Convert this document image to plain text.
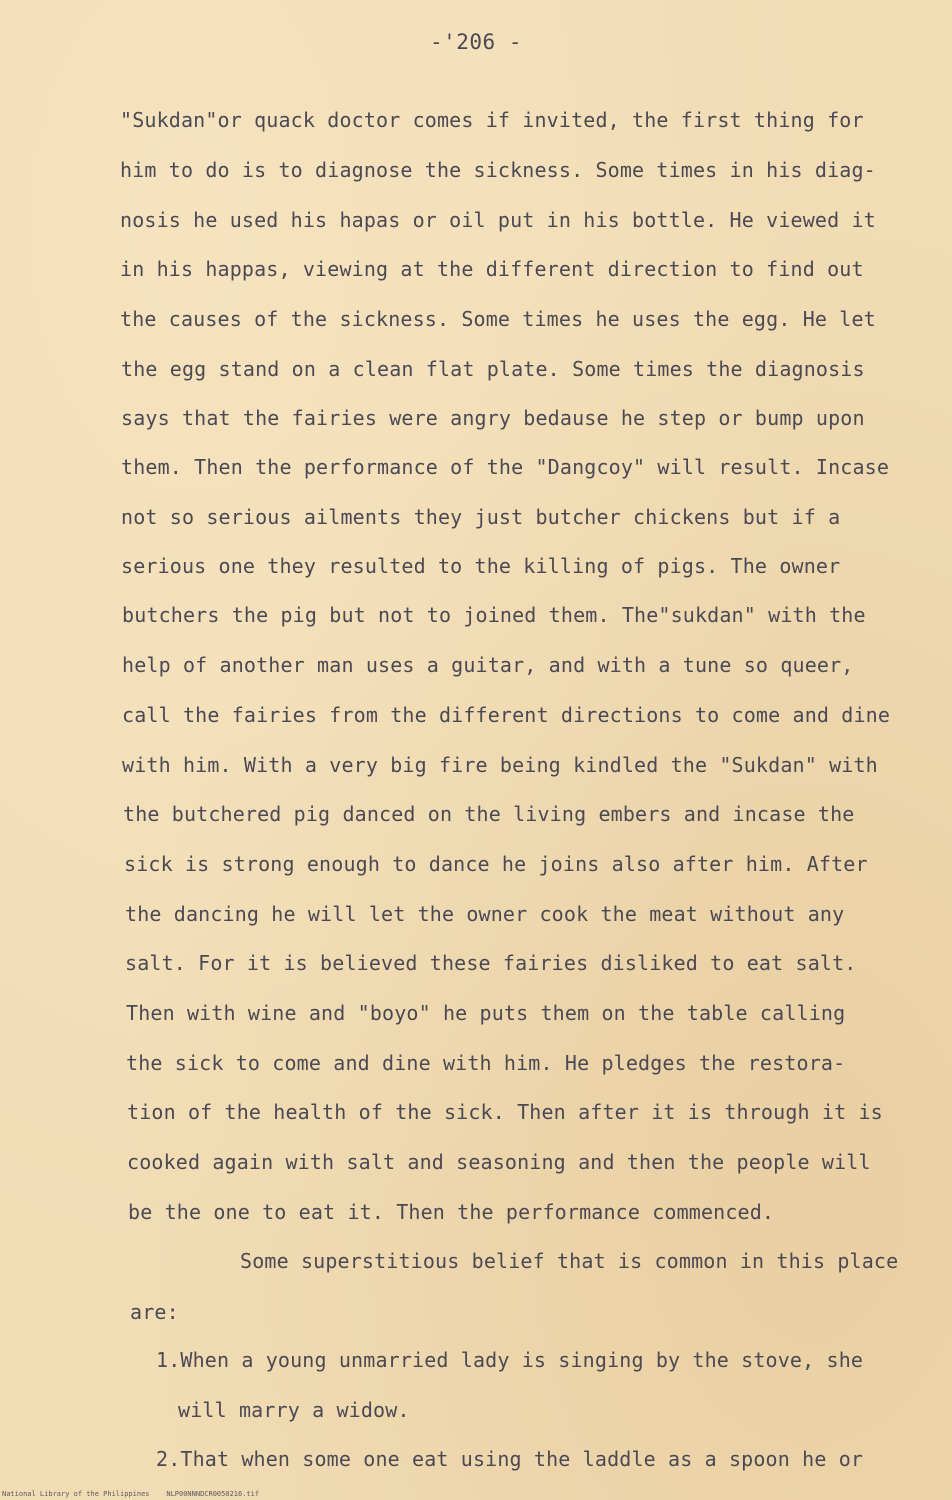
-'206 -
"Sukdan"or quack doctor comes if invited, the first thing for
him to do is to diagnose the sickness. Some times in his diag-
nosis he used his hapas or oil put in his bottle. He viewed it
in his happas, viewing at the different direction to find out
the causes of the sickness. Some times he uses the egg. He let
the egg stand on a clean flat plate. Some times the diagnosis
says that the fairies were angry bedause he step or bump upon
them. Then the performance of the "Dangcoy" will result. Incase
not so serious ailments they just butcher chickens but if a
serious one they resulted to the killing of pigs. The owner
butchers the pig but not to joined them. The"sukdan" with the
help of another man uses a guitar, and with a tune so queer,
call the fairies from the different directions to come and dine
with him. With a very big fire being kindled the "Sukdan" with
the butchered pig danced on the living embers and incase the
sick is strong enough to dance he joins also after him. After
the dancing he will let the owner cook the meat without any
salt. For it is believed these fairies disliked to eat salt.
Then with wine and "boyo" he puts them on the table calling
the sick to come and dine with him. He pledges the restora-
tion of the health of the sick. Then after it is through it is
cooked again with salt and seasoning and then the people will
be the one to eat it. Then the performance commenced.
Some superstitious belief that is common in this place
are:
1.When a young unmarried lady is singing by the stove, she
will marry a widow.
2.That when some one eat using the laddle as a spoon he or
National Library of the Philippines    NLP00NNNDCR0050216.tif
